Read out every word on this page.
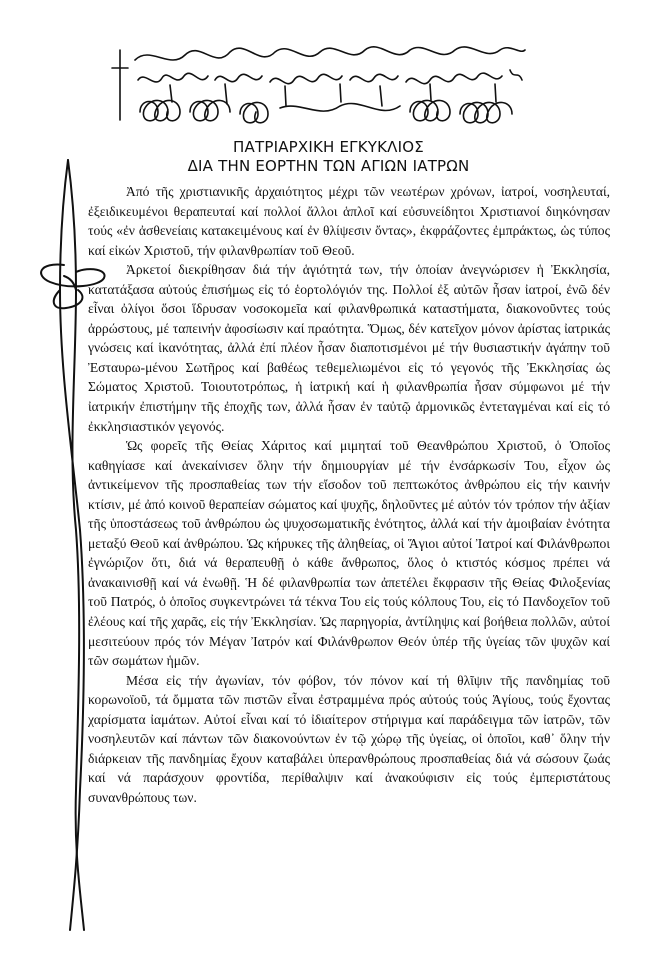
ΠΑΤΡΙΑΡΧΙΚΗ ΕΓΚΥΚΛΙΟΣ
ΔΙΑ ΤΗΝ ΕΟΡΤΗΝ ΤΩΝ ΑΓΙΩΝ ΙΑΤΡΩΝ

Ἀπό τῆς χριστιανικῆς ἀρχαιότητος μέχρι τῶν νεωτέρων χρόνων, ἰατροί, νοσηλευταί, ἐξειδικευμένοι θεραπευταί καί πολλοί ἄλλοι ἁπλοῖ καί εὐσυνείδητοι Χριστιανοί διηκόνησαν τούς «ἐν ἀσθενείαις κατακειμένους καί ἐν θλίψεσιν ὄντας», ἐκφράζοντες ἐμπράκτως, ὡς τύπος καί εἰκών Χριστοῦ, τήν φιλανθρωπίαν τοῦ Θεοῦ.

Ἀρκετοί διεκρίθησαν διά τήν ἁγιότητά των, τήν ὁποίαν ἀνεγνώρισεν ἡ Ἐκκλησία, κατατάξασα αὐτούς ἐπισήμως εἰς τό ἑορτολόγιόν της. Πολλοί ἐξ αὐτῶν ἦσαν ἰατροί, ἐνῶ δέν εἶναι ὀλίγοι ὅσοι ἵδρυσαν νοσοκομεῖα καί φιλανθρωπικά καταστήματα, διακονοῦντες τούς ἀρρώστους, μέ ταπεινήν ἀφοσίωσιν καί πραότητα. Ὅμως, δέν κατεῖχον μόνον ἀρίστας ἰατρικάς γνώσεις καί ἱκανότητας, ἀλλά ἐπί πλέον ἦσαν διαποτισμένοι μέ τήν θυσιαστικήν ἀγάπην τοῦ Ἐσταυρω-μένου Σωτῆρος καί βαθέως τεθεμελιωμένοι εἰς τό γεγονός τῆς Ἐκκλησίας ὡς Σώματος Χριστοῦ. Τοιουτοτρόπως, ἡ ἰατρική καί ἡ φιλανθρωπία ἦσαν σύμφωνοι μέ τήν ἰατρικήν ἐπιστήμην τῆς ἐποχῆς των, ἀλλά ἦσαν ἐν ταὐτῷ ἁρμονικῶς ἐντεταγμέναι καί εἰς τό ἐκκλησιαστικόν γεγονός.

Ὡς φορεῖς τῆς Θείας Χάριτος καί μιμηταί τοῦ Θεανθρώπου Χριστοῦ, ὁ Ὁποῖος καθηγίασε καί ἀνεκαίνισεν ὅλην τήν δημιουργίαν μέ τήν ἐνσάρκωσίν Του, εἶχον ὡς ἀντικείμενον τῆς προσπαθείας των τήν εἴσοδον τοῦ πεπτωκότος ἀνθρώπου εἰς τήν καινήν κτίσιν, μέ ἀπό κοινοῦ θεραπείαν σώματος καί ψυχῆς, δηλοῦντες μέ αὐτόν τόν τρόπον τήν ἀξίαν τῆς ὑποστάσεως τοῦ ἀνθρώπου ὡς ψυχοσωματικῆς ἑνότητος, ἀλλά καί τήν ἀμοιβαίαν ἑνότητα μεταξύ Θεοῦ καί ἀνθρώπου. Ὡς κήρυκες τῆς ἀληθείας, οἱ Ἅγιοι αὐτοί Ἰατροί καί Φιλάνθρωποι ἐγνώριζον ὅτι, διά νά θεραπευθῇ ὁ κάθε ἄνθρωπος, ὅλος ὁ κτιστός κόσμος πρέπει νά ἀνακαινισθῇ καί νά ἑνωθῇ. Ἡ δέ φιλανθρωπία των ἀπετέλει ἔκφρασιν τῆς Θείας Φιλοξενίας τοῦ Πατρός, ὁ ὁποῖος συγκεντρώνει τά τέκνα Του εἰς τούς κόλπους Του, εἰς τό Πανδοχεῖον τοῦ ἐλέους καί τῆς χαρᾶς, εἰς τήν Ἐκκλησίαν. Ὡς παρηγορία, ἀντίληψις καί βοήθεια πολλῶν, αὐτοί μεσιτεύουν πρός τόν Μέγαν Ἰατρόν καί Φιλάνθρωπον Θεόν ὑπέρ τῆς ὑγείας τῶν ψυχῶν καί τῶν σωμάτων ἡμῶν.

Μέσα εἰς τήν ἀγωνίαν, τόν φόβον, τόν πόνον καί τή θλῖψιν τῆς πανδημίας τοῦ κορωνοϊοῦ, τά ὄμματα τῶν πιστῶν εἶναι ἐστραμμένα πρός αὐτούς τούς Ἁγίους, τούς ἔχοντας χαρίσματα ἰαμάτων. Αὐτοί εἶναι καί τό ἰδιαίτερον στήριγμα καί παράδειγμα τῶν ἰατρῶν, τῶν νοσηλευτῶν καί πάντων τῶν διακονούντων ἐν τῷ χώρῳ τῆς ὑγείας, οἱ ὁποῖοι, καθ᾿ ὅλην τήν διάρκειαν τῆς πανδημίας ἔχουν καταβάλει ὑπερανθρώπους προσπαθείας διά νά σώσουν ζωάς καί νά παράσχουν φροντίδα, περίθαλψιν καί ἀνακούφισιν εἰς τούς ἐμπεριστάτους συνανθρώπους των.
